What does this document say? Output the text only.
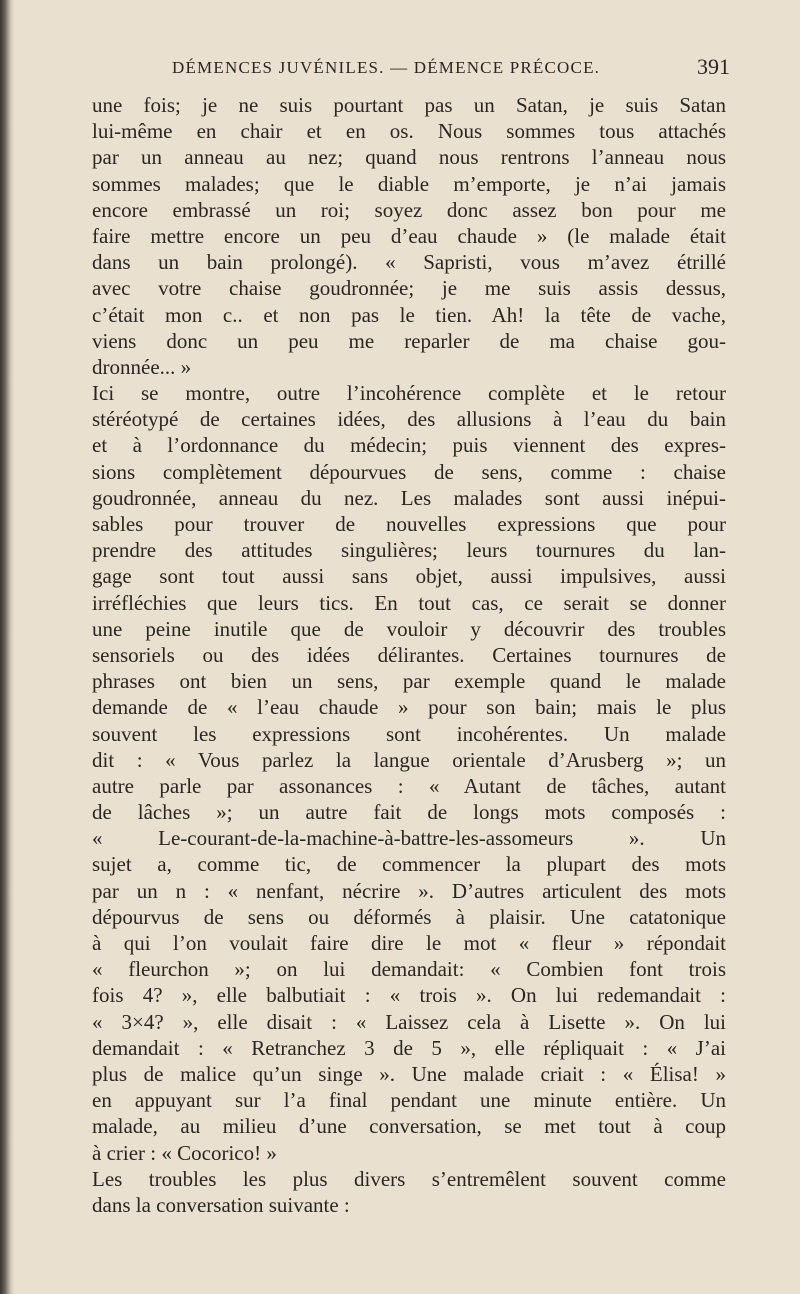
DÉMENCES JUVÉNILES. — DÉMENCE PRÉCOCE.	391
une fois; je ne suis pourtant pas un Satan, je suis Satan
lui-même en chair et en os. Nous sommes tous attachés
par un anneau au nez; quand nous rentrons l’anneau nous
sommes malades; que le diable m’emporte, je n’ai jamais
encore embrassé un roi; soyez donc assez bon pour me
faire mettre encore un peu d’eau chaude » (le malade était
dans un bain prolongé). « Sapristi, vous m’avez étrillé
avec votre chaise goudronnée; je me suis assis dessus,
c’était mon c.. et non pas le tien. Ah! la tête de vache,
viens donc un peu me reparler de ma chaise gou-
dronnée... »
Ici se montre, outre l’incohérence complète et le retour
stéréotypé de certaines idées, des allusions à l’eau du bain
et à l’ordonnance du médecin; puis viennent des expres-
sions complètement dépourvues de sens, comme : chaise
goudronnée, anneau du nez. Les malades sont aussi inépui-
sables pour trouver de nouvelles expressions que pour
prendre des attitudes singulières; leurs tournures du lan-
gage sont tout aussi sans objet, aussi impulsives, aussi
irréfléchies que leurs tics. En tout cas, ce serait se donner
une peine inutile que de vouloir y découvrir des troubles
sensoriels ou des idées délirantes. Certaines tournures de
phrases ont bien un sens, par exemple quand le malade
demande de « l’eau chaude » pour son bain; mais le plus
souvent les expressions sont incohérentes. Un malade
dit : « Vous parlez la langue orientale d’Arusberg »; un
autre parle par assonances : « Autant de tâches, autant
de lâches »; un autre fait de longs mots composés :
« Le-courant-de-la-machine-à-battre-les-assomeurs ». Un
sujet a, comme tic, de commencer la plupart des mots
par un n : « nenfant, nécrire ». D’autres articulent des mots
dépourvus de sens ou déformés à plaisir. Une catatonique
à qui l’on voulait faire dire le mot « fleur » répondait
« fleurchon »; on lui demandait: « Combien font trois
fois 4? », elle balbutiait : « trois ». On lui redemandait :
« 3×4? », elle disait : « Laissez cela à Lisette ». On lui
demandait : « Retranchez 3 de 5 », elle répliquait : « J’ai
plus de malice qu’un singe ». Une malade criait : « Élisa! »
en appuyant sur l’a final pendant une minute entière. Un
malade, au milieu d’une conversation, se met tout à coup
à crier : « Cocorico! »
Les troubles les plus divers s’entremêlent souvent comme
dans la conversation suivante :
